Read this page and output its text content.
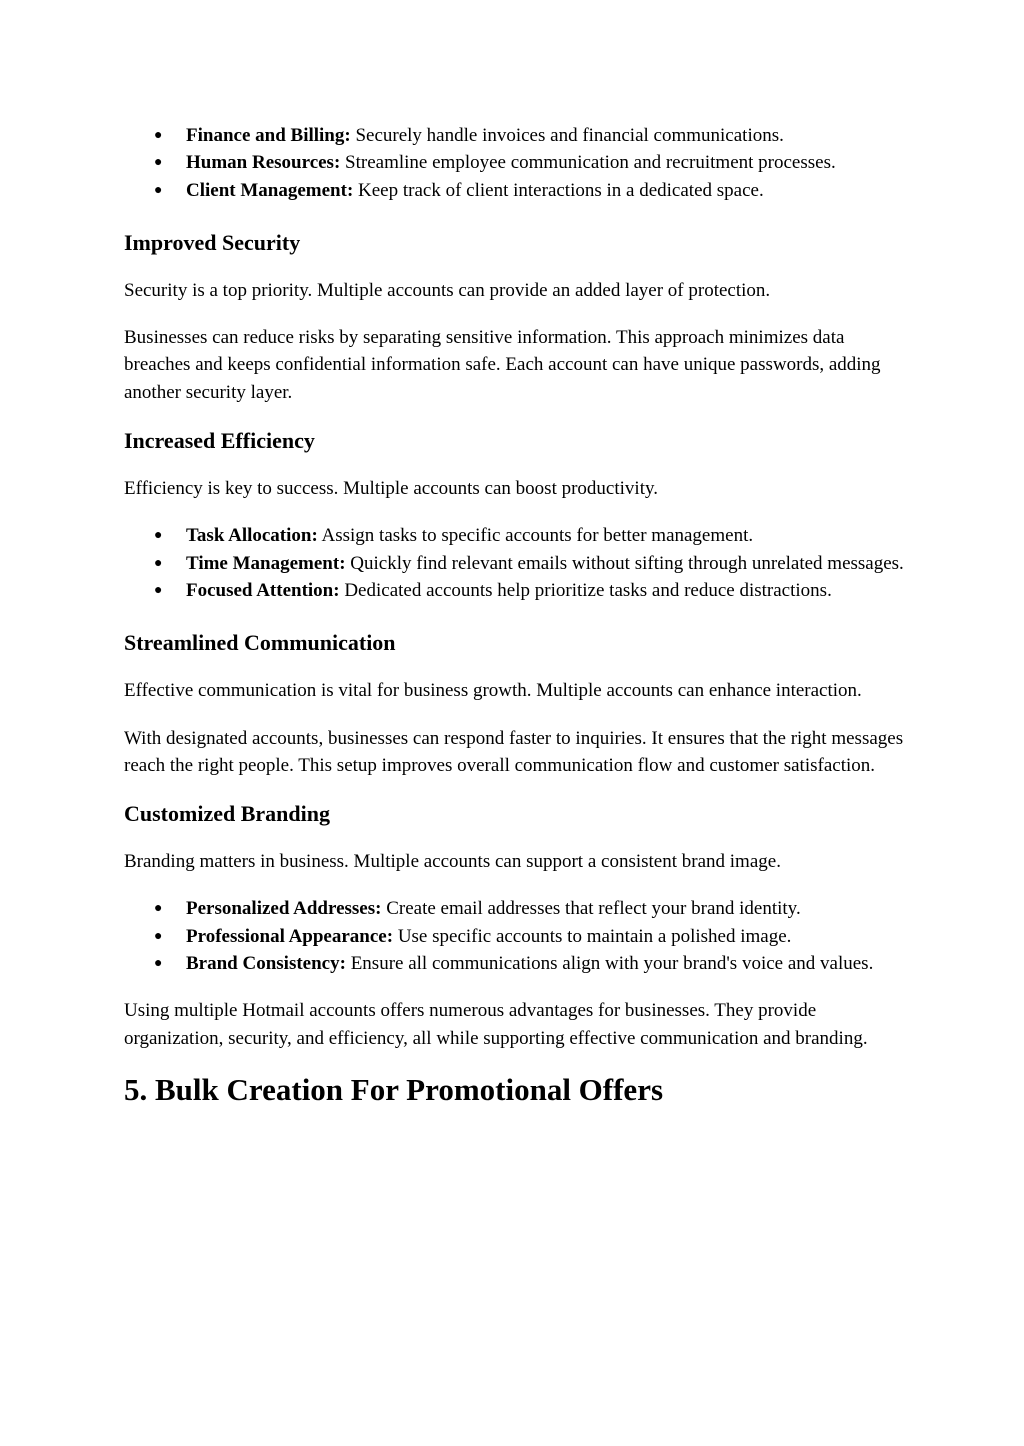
● Finance and Billing: Securely handle invoices and financial communications.
● Human Resources: Streamline employee communication and recruitment processes.
● Client Management: Keep track of client interactions in a dedicated space.
Improved Security

Security is a top priority. Multiple accounts can provide an added layer of protection.

Businesses can reduce risks by separating sensitive information. This approach minimizes data breaches and keeps confidential information safe. Each account can have unique passwords, adding another security layer.

Increased Efficiency

Efficiency is key to success. Multiple accounts can boost productivity.

● Task Allocation: Assign tasks to specific accounts for better management.
● Time Management: Quickly find relevant emails without sifting through unrelated messages.
● Focused Attention: Dedicated accounts help prioritize tasks and reduce distractions.
Streamlined Communication

Effective communication is vital for business growth. Multiple accounts can enhance interaction.

With designated accounts, businesses can respond faster to inquiries. It ensures that the right messages reach the right people. This setup improves overall communication flow and customer satisfaction.

Customized Branding

Branding matters in business. Multiple accounts can support a consistent brand image.

● Personalized Addresses: Create email addresses that reflect your brand identity.
● Professional Appearance: Use specific accounts to maintain a polished image.
● Brand Consistency: Ensure all communications align with your brand's voice and values.

Using multiple Hotmail accounts offers numerous advantages for businesses. They provide organization, security, and efficiency, all while supporting effective communication and branding.

5. Bulk Creation For Promotional Offers
